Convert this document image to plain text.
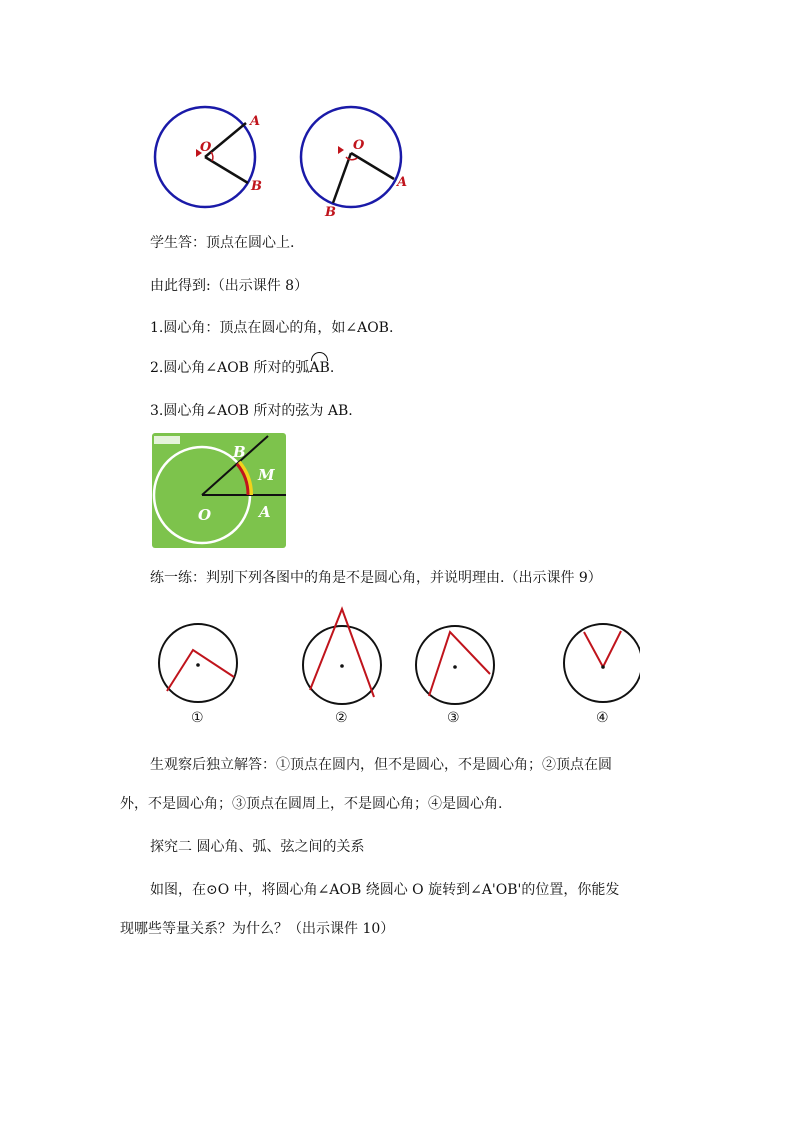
O
A
B
O
A
B
学生答：顶点在圆心上.
由此得到:（出示课件 8）
1.圆心角：顶点在圆心的角，如∠AOB.
2.圆心角∠AOB 所对的弧AB.
3.圆心角∠AOB 所对的弦为 AB.
B
M
O	A
练一练：判别下列各图中的角是不是圆心角，并说明理由.（出示课件 9）
①	②	③	④
生观察后独立解答：①顶点在圆内，但不是圆心，不是圆心角；②顶点在圆
外，不是圆心角；③顶点在圆周上，不是圆心角；④是圆心角.
探究二 圆心角、弧、弦之间的关系
如图，在⊙O 中，将圆心角∠AOB 绕圆心 O 旋转到∠A'OB'的位置，你能发
现哪些等量关系？为什么？（出示课件 10）
